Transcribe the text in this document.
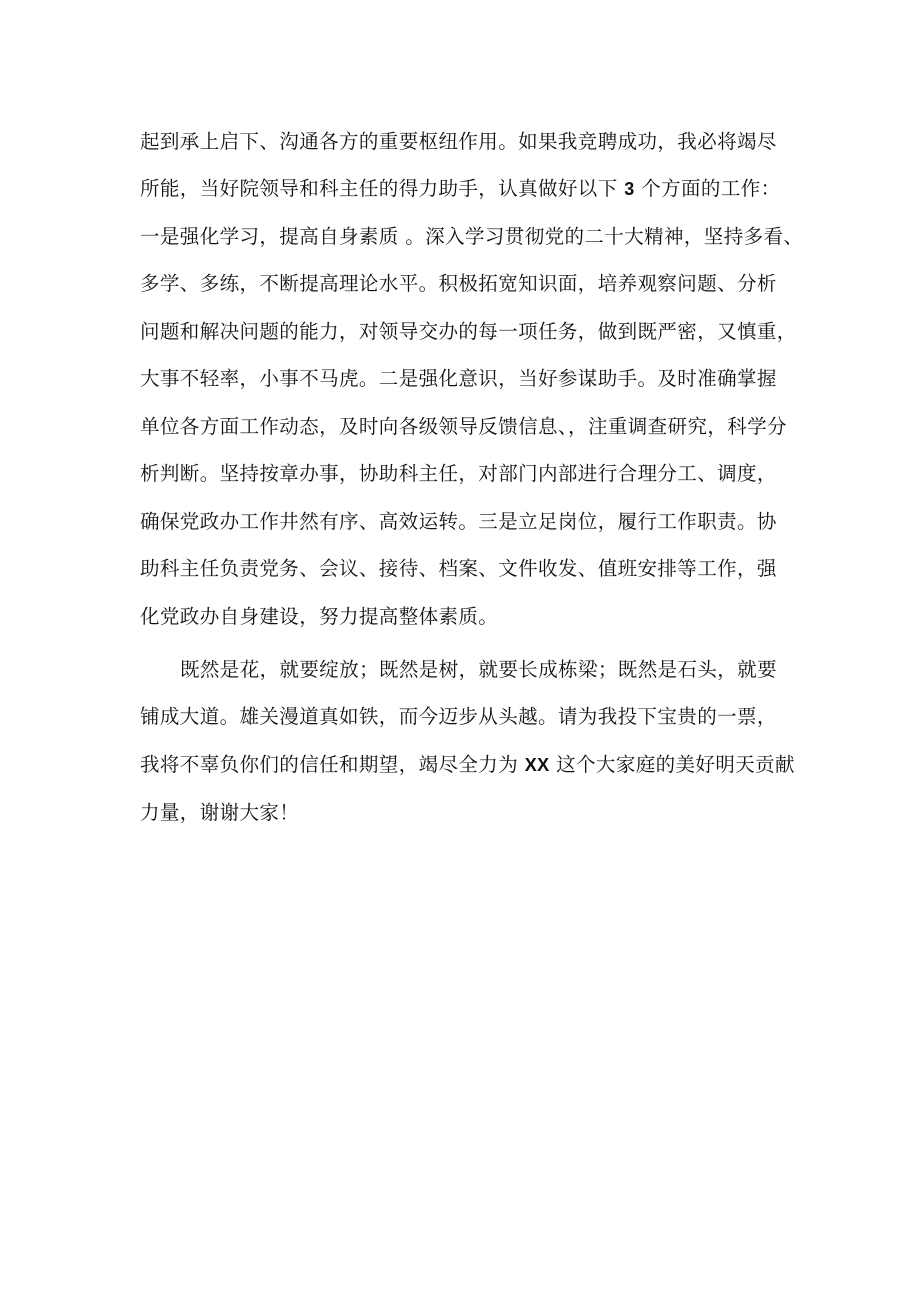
起到承上启下、沟通各方的重要枢纽作用。如果我竞聘成功，我必将竭尽
所能，当好院领导和科主任的得力助手，认真做好以下 3 个方面的工作：
一是强化学习，提高自身素质 。深入学习贯彻党的二十大精神，坚持多看、
多学、多练，不断提高理论水平。积极拓宽知识面，培养观察问题、分析
问题和解决问题的能力，对领导交办的每一项任务，做到既严密，又慎重，
大事不轻率，小事不马虎。二是强化意识，当好参谋助手。及时准确掌握
单位各方面工作动态，及时向各级领导反馈信息、，注重调查研究，科学分
析判断。坚持按章办事，协助科主任，对部门内部进行合理分工、调度，
确保党政办工作井然有序、高效运转。三是立足岗位，履行工作职责。协
助科主任负责党务、会议、接待、档案、文件收发、值班安排等工作，强
化党政办自身建设，努力提高整体素质。
既然是花，就要绽放；既然是树，就要长成栋梁；既然是石头，就要
铺成大道。雄关漫道真如铁，而今迈步从头越。请为我投下宝贵的一票，
我将不辜负你们的信任和期望，竭尽全力为 XX 这个大家庭的美好明天贡献
力量，谢谢大家！
